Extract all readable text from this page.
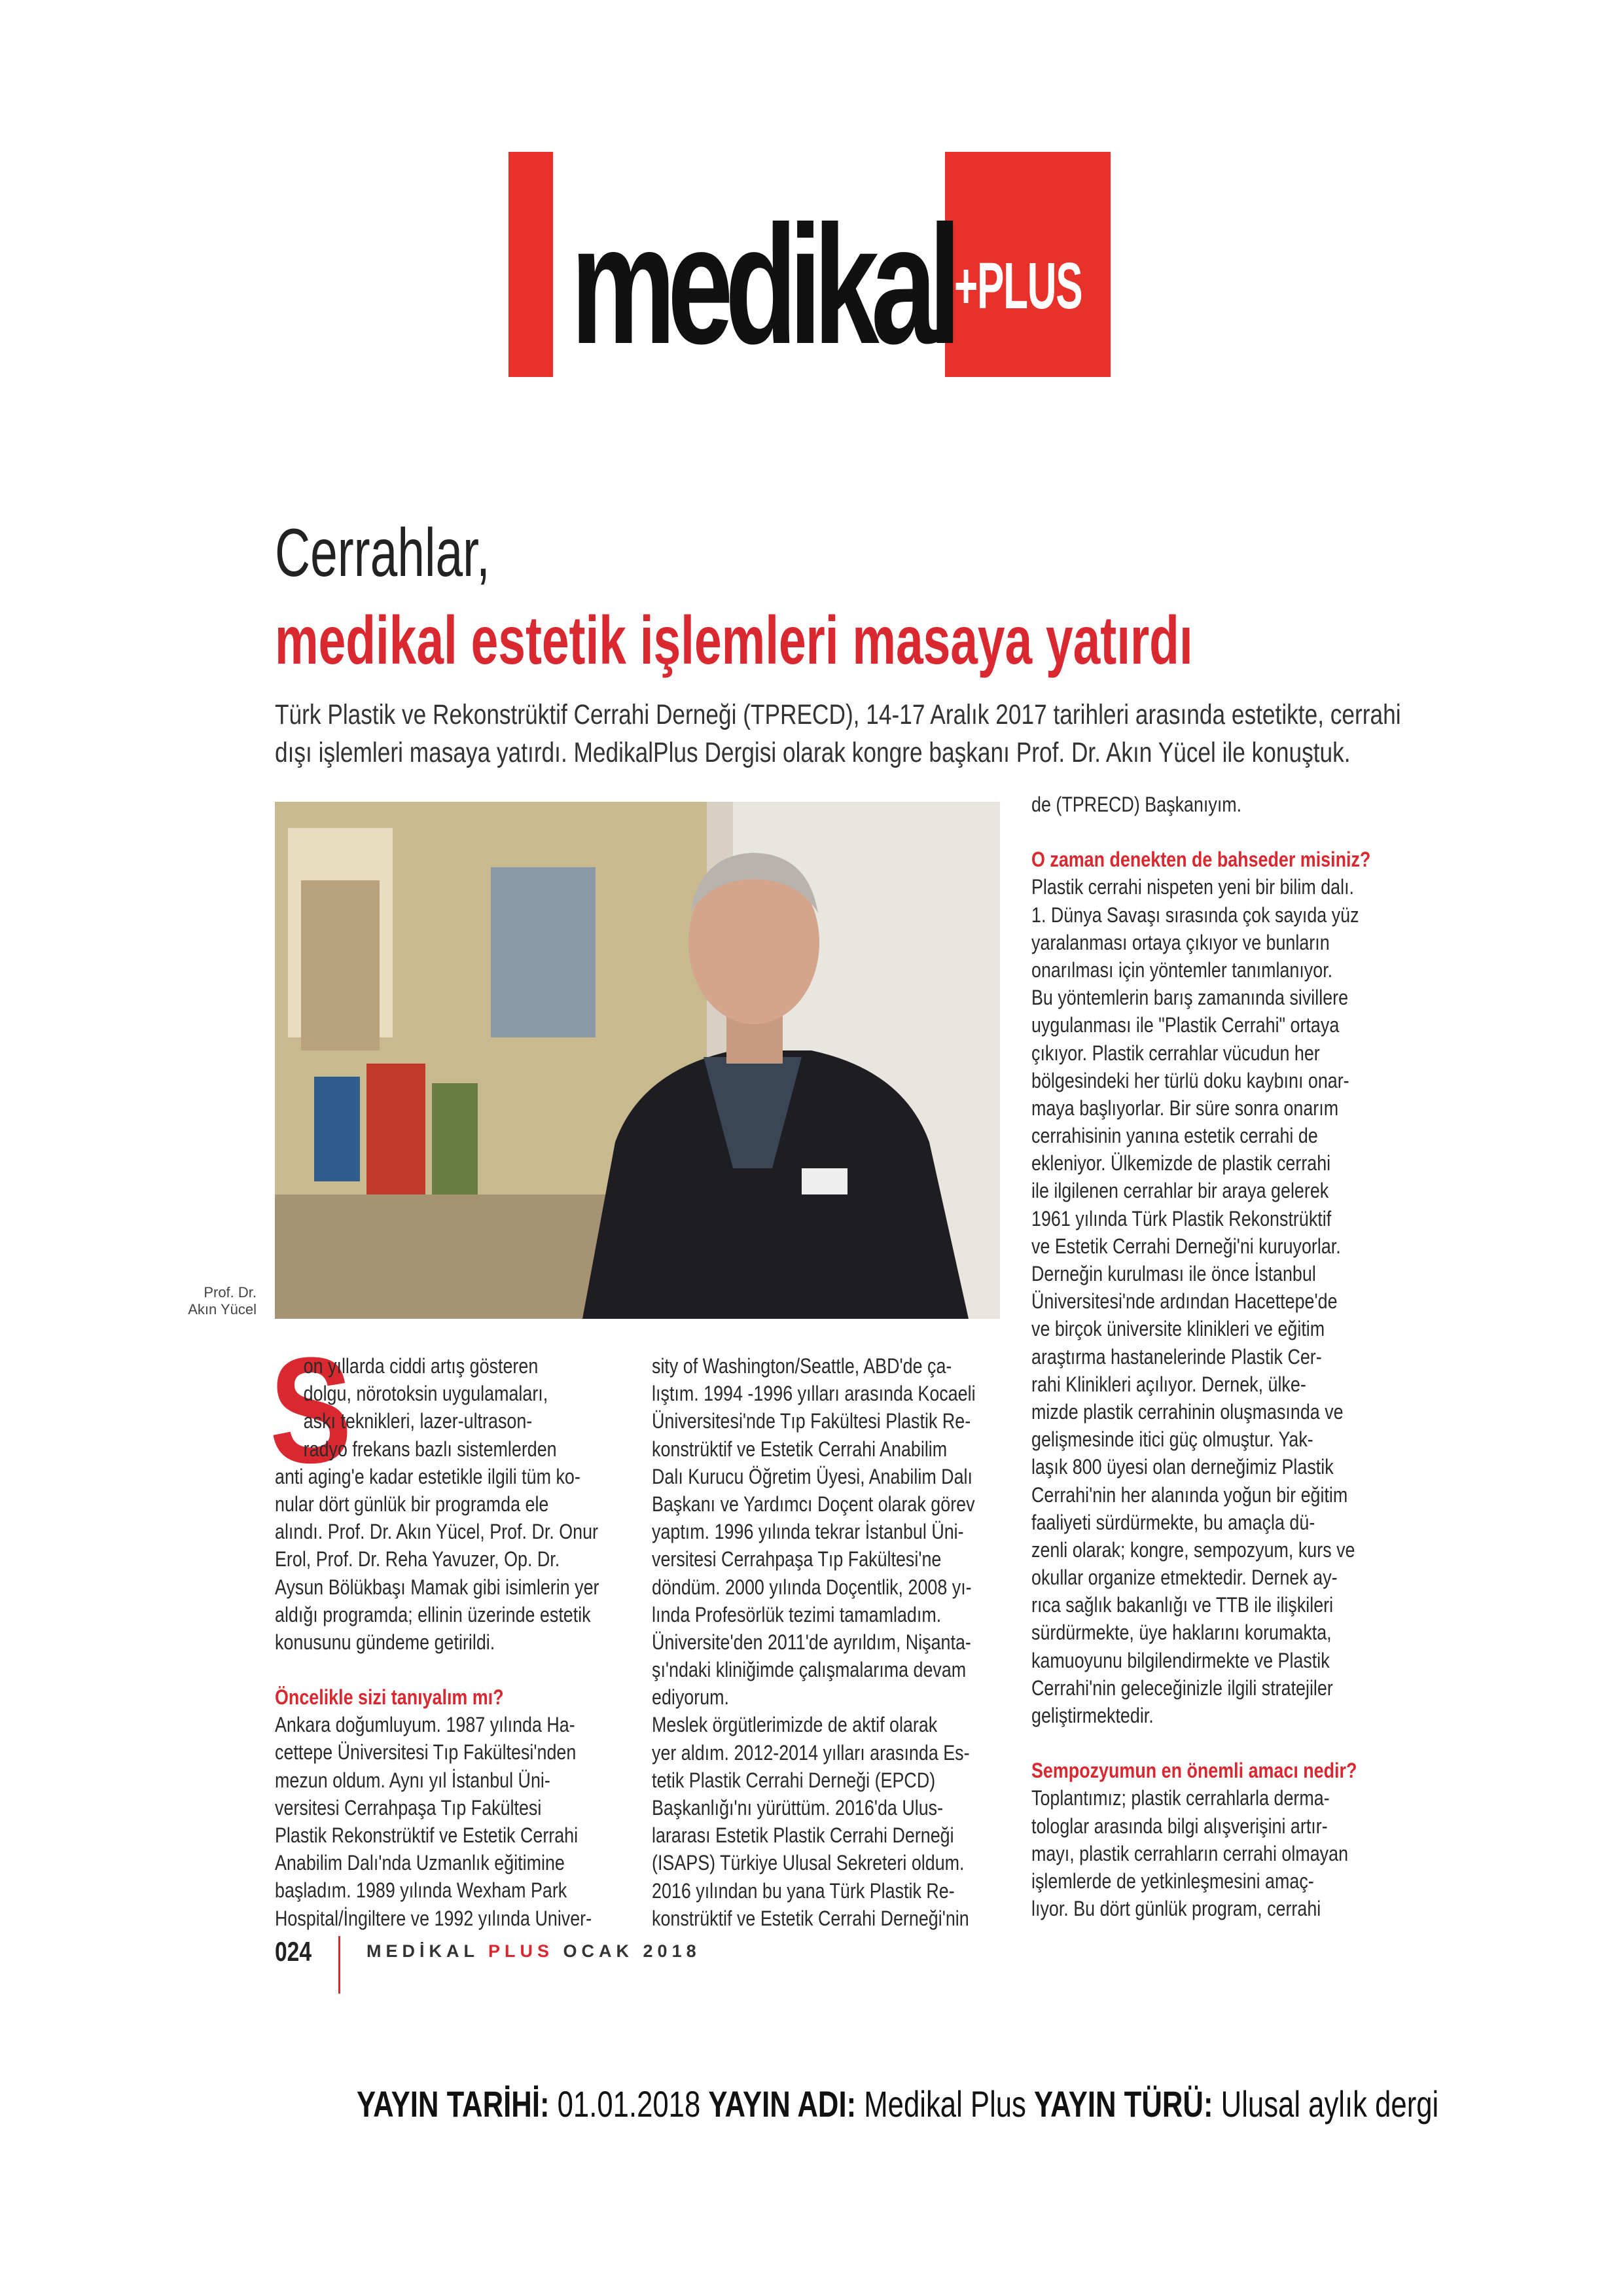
medikal +PLUS
Cerrahlar,
medikal estetik işlemleri masaya yatırdı
Türk Plastik ve Rekonstrüktif Cerrahi Derneği (TPRECD), 14-17 Aralık 2017 tarihleri arasında estetikte, cerrahi
dışı işlemleri masaya yatırdı. MedikalPlus Dergisi olarak kongre başkanı Prof. Dr. Akın Yücel ile konuştuk.
Prof. Dr.
Akın Yücel
S
on yıllarda ciddi artış gösteren
dolgu, nörotoksin uygulamaları,
askı teknikleri, lazer-ultrason-
radyo frekans bazlı sistemlerden
anti aging'e kadar estetikle ilgili tüm ko-
nular dört günlük bir programda ele
alındı. Prof. Dr. Akın Yücel, Prof. Dr. Onur
Erol, Prof. Dr. Reha Yavuzer, Op. Dr.
Aysun Bölükbaşı Mamak gibi isimlerin yer
aldığı programda; ellinin üzerinde estetik
konusunu gündeme getirildi.
Öncelikle sizi tanıyalım mı?
Ankara doğumluyum. 1987 yılında Ha-
cettepe Üniversitesi Tıp Fakültesi'nden
mezun oldum. Aynı yıl İstanbul Üni-
versitesi Cerrahpaşa Tıp Fakültesi
Plastik Rekonstrüktif ve Estetik Cerrahi
Anabilim Dalı'nda Uzmanlık eğitimine
başladım. 1989 yılında Wexham Park
Hospital/İngiltere ve 1992 yılında Univer-
sity of Washington/Seattle, ABD'de ça-
lıştım. 1994 -1996 yılları arasında Kocaeli
Üniversitesi'nde Tıp Fakültesi Plastik Re-
konstrüktif ve Estetik Cerrahi Anabilim
Dalı Kurucu Öğretim Üyesi, Anabilim Dalı
Başkanı ve Yardımcı Doçent olarak görev
yaptım. 1996 yılında tekrar İstanbul Üni-
versitesi Cerrahpaşa Tıp Fakültesi'ne
döndüm. 2000 yılında Doçentlik, 2008 yı-
lında Profesörlük tezimi tamamladım.
Üniversite'den 2011'de ayrıldım, Nişanta-
şı'ndaki kliniğimde çalışmalarıma devam
ediyorum.
Meslek örgütlerimizde de aktif olarak
yer aldım. 2012-2014 yılları arasında Es-
tetik Plastik Cerrahi Derneği (EPCD)
Başkanlığı'nı yürüttüm. 2016'da Ulus-
lararası Estetik Plastik Cerrahi Derneği
(ISAPS) Türkiye Ulusal Sekreteri oldum.
2016 yılından bu yana Türk Plastik Re-
konstrüktif ve Estetik Cerrahi Derneği'nin
de (TPRECD) Başkanıyım.
O zaman denekten de bahseder misiniz?
Plastik cerrahi nispeten yeni bir bilim dalı.
1. Dünya Savaşı sırasında çok sayıda yüz
yaralanması ortaya çıkıyor ve bunların
onarılması için yöntemler tanımlanıyor.
Bu yöntemlerin barış zamanında sivillere
uygulanması ile "Plastik Cerrahi" ortaya
çıkıyor. Plastik cerrahlar vücudun her
bölgesindeki her türlü doku kaybını onar-
maya başlıyorlar. Bir süre sonra onarım
cerrahisinin yanına estetik cerrahi de
ekleniyor. Ülkemizde de plastik cerrahi
ile ilgilenen cerrahlar bir araya gelerek
1961 yılında Türk Plastik Rekonstrüktif
ve Estetik Cerrahi Derneği'ni kuruyorlar.
Derneğin kurulması ile önce İstanbul
Üniversitesi'nde ardından Hacettepe'de
ve birçok üniversite klinikleri ve eğitim
araştırma hastanelerinde Plastik Cer-
rahi Klinikleri açılıyor. Dernek, ülke-
mizde plastik cerrahinin oluşmasında ve
gelişmesinde itici güç olmuştur. Yak-
laşık 800 üyesi olan derneğimiz Plastik
Cerrahi'nin her alanında yoğun bir eğitim
faaliyeti sürdürmekte, bu amaçla dü-
zenli olarak; kongre, sempozyum, kurs ve
okullar organize etmektedir. Dernek ay-
rıca sağlık bakanlığı ve TTB ile ilişkileri
sürdürmekte, üye haklarını korumakta,
kamuoyunu bilgilendirmekte ve Plastik
Cerrahi'nin geleceğinizle ilgili stratejiler
geliştirmektedir.
Sempozyumun en önemli amacı nedir?
Toplantımız; plastik cerrahlarla derma-
tologlar arasında bilgi alışverişini artır-
mayı, plastik cerrahların cerrahi olmayan
işlemlerde de yetkinleşmesini amaç-
lıyor. Bu dört günlük program, cerrahi
024	MEDİKAL PLUS OCAK 2018
YAYIN TARİHİ: 01.01.2018 YAYIN ADI: Medikal Plus YAYIN TÜRÜ: Ulusal aylık dergi
